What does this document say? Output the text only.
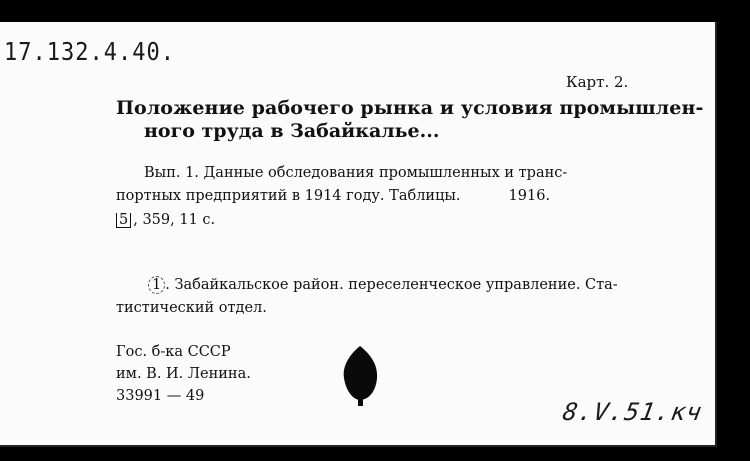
17.132.4.40.
Карт. 2.
Положение рабочего рынка и условия промышлен-
ного труда в Забайкалье...
Вып. 1. Данные обследования промышленных и транс-
портных предприятий в 1914 году. Таблицы.	1916.
5 , 359, 11 с.
1 . Забайкальское район. переселенческое управление. Ста-
тистический отдел.
Гос. б-ка СССР
им. В. И. Ленина.
33991 — 49
8.V.51.кч
